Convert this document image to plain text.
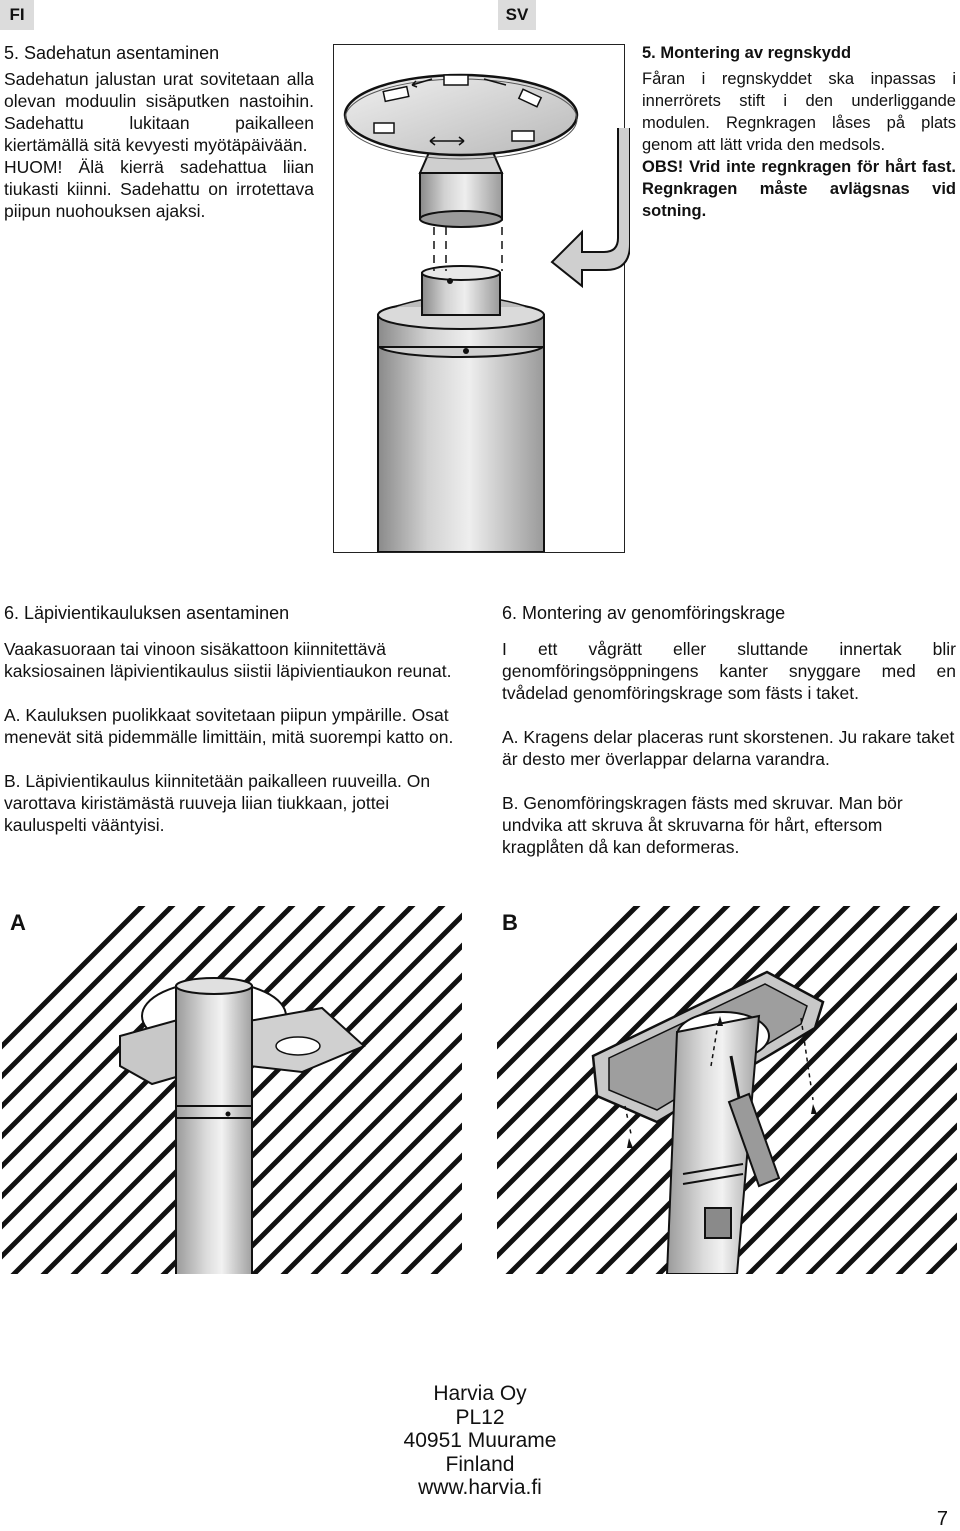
FI	SV
5. Sadehatun asentaminen

Sadehatun jalustan urat sovitetaan alla olevan moduulin sisäputken nastoihin. Sadehattu lukitaan paikalleen kiertämällä sitä kevyesti myötäpäivään.

HUOM! Älä kierrä sadehattua liian tiukasti kiinni. Sadehattu on irrotettava piipun nuohouksen ajaksi.

5. Montering av regnskydd

Fåran i regnskyddet ska inpassas i innerrörets stift i den underliggande modulen. Regnkragen låses på plats genom att lätt vrida den medsols.

OBS! Vrid inte regnkragen för hårt fast. Regnkragen måste avlägsnas vid sotning.

6. Läpivientikauluksen asentaminen

Vaakasuoraan tai vinoon sisäkattoon kiinnitettävä kaksiosainen läpivientikaulus siistii läpivientiaukon reunat.

A. Kauluksen puolikkaat sovitetaan piipun ympärille. Osat menevät sitä pidemmälle limittäin, mitä suorempi katto on.

B. Läpivientikaulus kiinnitetään paikalleen ruuveilla. On varottava kiristämästä ruuveja liian tiukkaan, jottei kauluspelti vääntyisi.

6. Montering av genomföringskrage

I ett vågrätt eller sluttande innertak blir genomföringsöppningens kanter snyggare med en tvådelad genomföringskrage som fästs i taket.

A. Kragens delar placeras runt skorstenen. Ju rakare taket är desto mer överlappar delarna varandra.

B. Genomföringskragen fästs med skruvar. Man bör undvika att skruva åt skruvarna för hårt, eftersom kragplåten då kan deformeras.

A	B
Harvia Oy
PL12
40951 Muurame
Finland
www.harvia.fi
7
